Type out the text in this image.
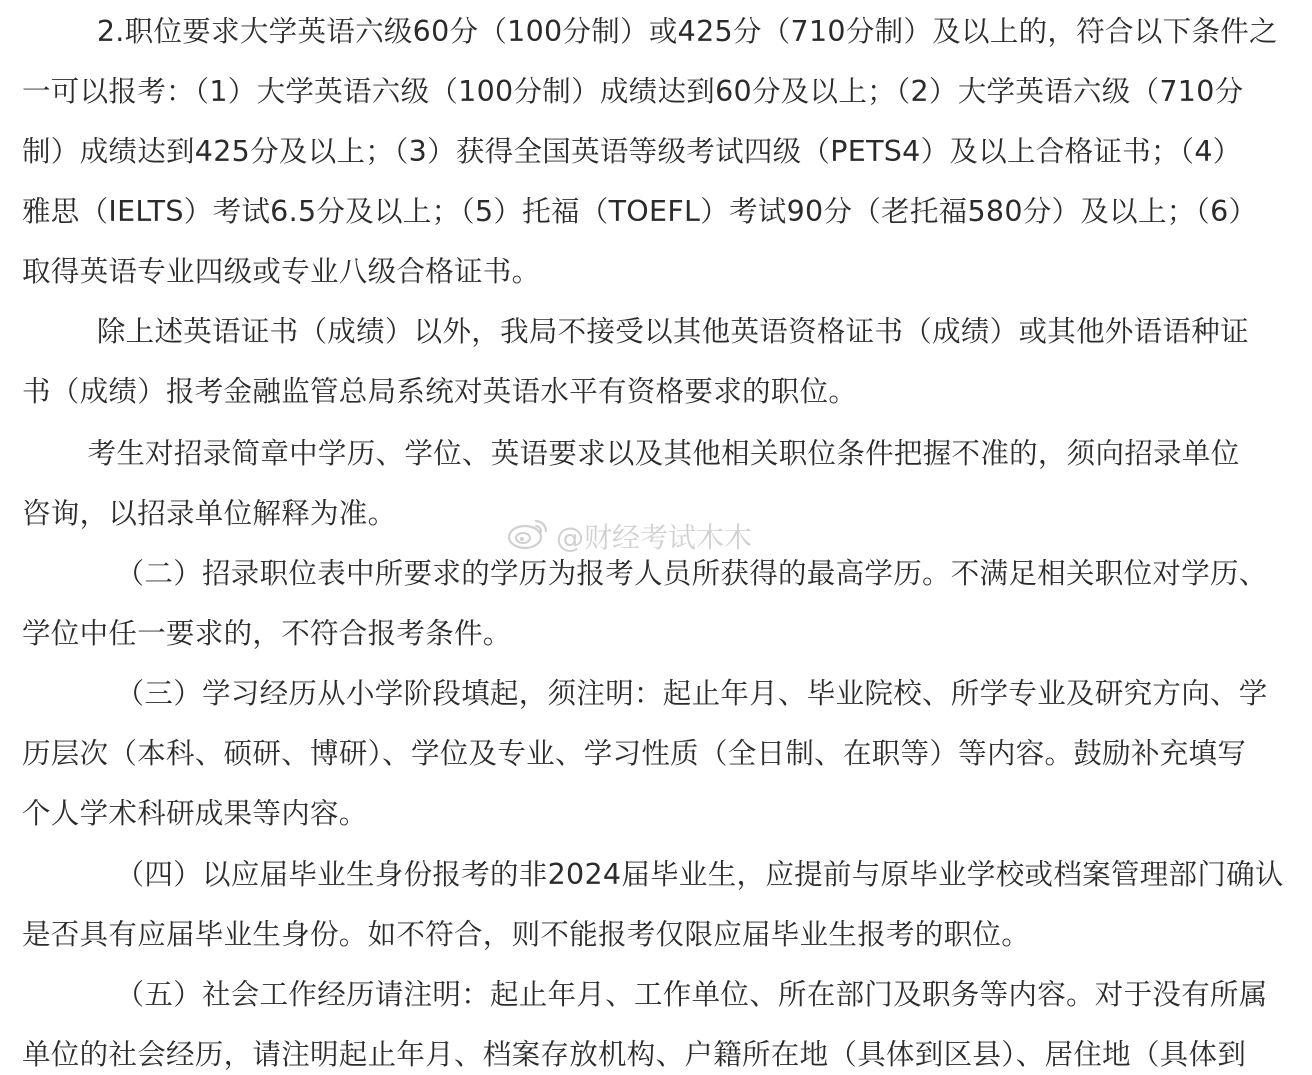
2.职位要求大学英语六级60分（100分制）或425分（710分制）及以上的，符合以下条件之
一可以报考：（1）大学英语六级（100分制）成绩达到60分及以上；（2）大学英语六级（710分
制）成绩达到425分及以上；（3）获得全国英语等级考试四级（PETS4）及以上合格证书；（4）
雅思（IELTS）考试6.5分及以上；（5）托福（TOEFL）考试90分（老托福580分）及以上；（6）
取得英语专业四级或专业八级合格证书。
除上述英语证书（成绩）以外，我局不接受以其他英语资格证书（成绩）或其他外语语种证
书（成绩）报考金融监管总局系统对英语水平有资格要求的职位。
考生对招录简章中学历、学位、英语要求以及其他相关职位条件把握不准的，须向招录单位
咨询，以招录单位解释为准。
（二）招录职位表中所要求的学历为报考人员所获得的最高学历。不满足相关职位对学历、
学位中任一要求的，不符合报考条件。
（三）学习经历从小学阶段填起，须注明：起止年月、毕业院校、所学专业及研究方向、学
历层次（本科、硕研、博研）、学位及专业、学习性质（全日制、在职等）等内容。鼓励补充填写
个人学术科研成果等内容。
（四）以应届毕业生身份报考的非2024届毕业生，应提前与原毕业学校或档案管理部门确认
是否具有应届毕业生身份。如不符合，则不能报考仅限应届毕业生报考的职位。
（五）社会工作经历请注明：起止年月、工作单位、所在部门及职务等内容。对于没有所属
单位的社会经历，请注明起止年月、档案存放机构、户籍所在地（具体到区县）、居住地（具体到
@财经考试木木
